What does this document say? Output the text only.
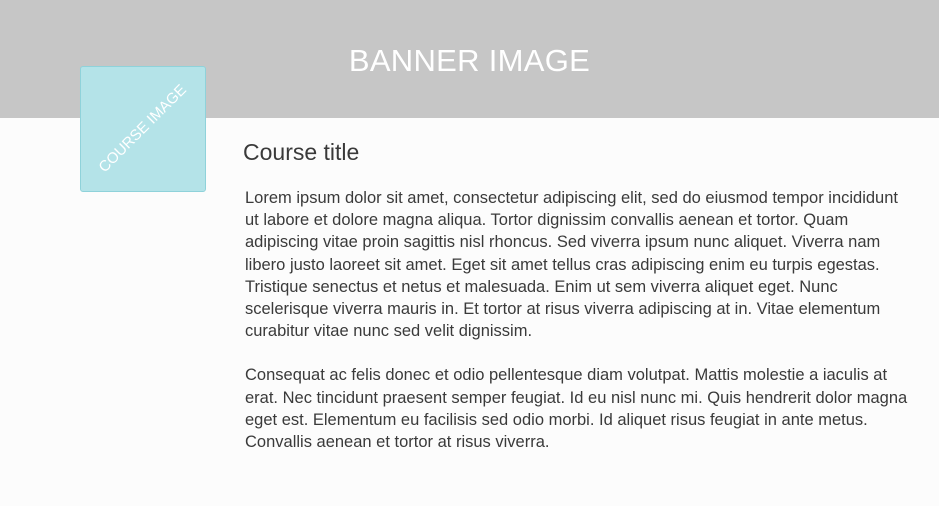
BANNER IMAGE
COURSE IMAGE Course title

Lorem ipsum dolor sit amet, consectetur adipiscing elit, sed do eiusmod tempor incididunt ut labore et dolore magna aliqua. Tortor dignissim convallis aenean et tortor. Quam adipiscing vitae proin sagittis nisl rhoncus. Sed viverra ipsum nunc aliquet. Viverra nam libero justo laoreet sit amet. Eget sit amet tellus cras adipiscing enim eu turpis egestas. Tristique senectus et netus et malesuada. Enim ut sem viverra aliquet eget. Nunc scelerisque viverra mauris in. Et tortor at risus viverra adipiscing at in. Vitae elementum curabitur vitae nunc sed velit dignissim.

Consequat ac felis donec et odio pellentesque diam volutpat. Mattis molestie a iaculis at erat. Nec tincidunt praesent semper feugiat. Id eu nisl nunc mi. Quis hendrerit dolor magna eget est. Elementum eu facilisis sed odio morbi. Id aliquet risus feugiat in ante metus. Convallis aenean et tortor at risus viverra.
